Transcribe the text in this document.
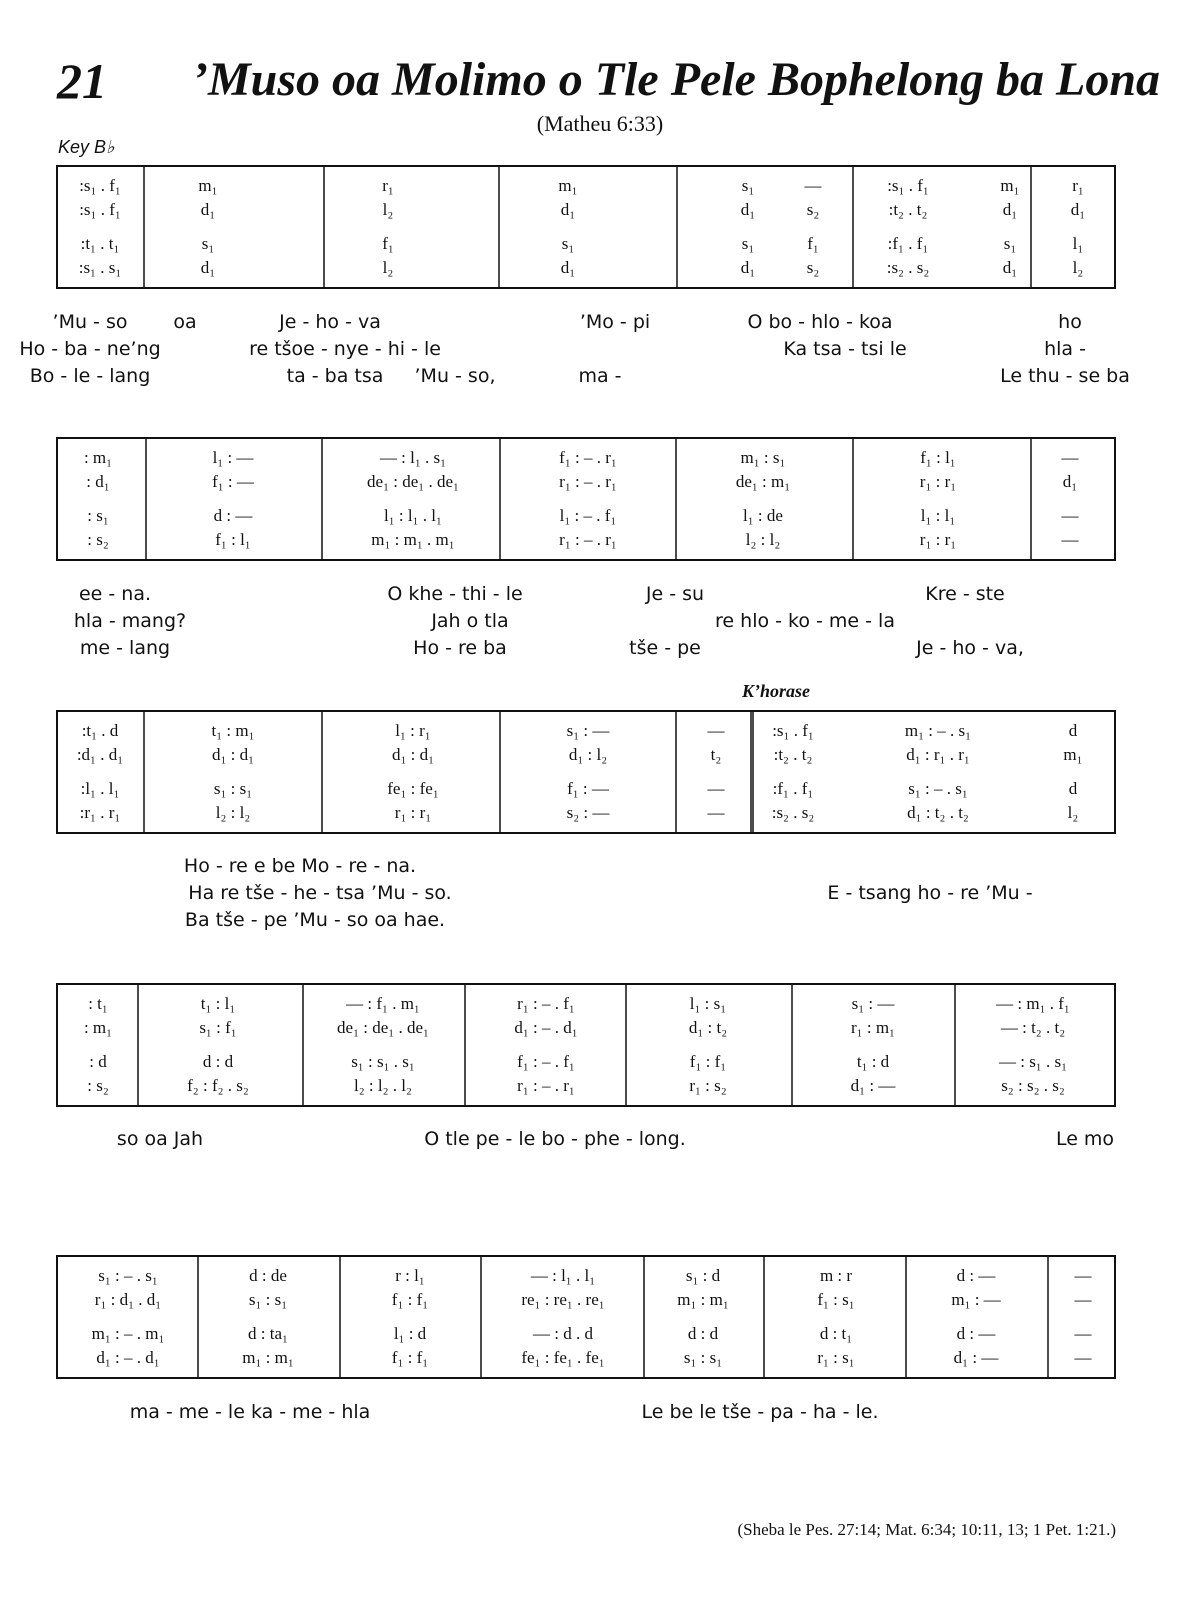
21 ’Muso oa Molimo o Tle Pele Bophelong ba Lona
(Matheu 6:33)
Key B♭
:s₁ . f₁	m₁	r₁	m₁	s₁	—	:s₁ . f₁	m₁	r₁
:s₁ . f₁	d₁	l₂	d₁	d₁	s₂	:t₂ . t₂	d₁	d₁
:t₁ . t₁	s₁	f₁	s₁	s₁	f₁	:f₁ . f₁	s₁	l₁
:s₁ . s₁	d₁	l₂	d₁	d₁	s₂	:s₂ . s₂	d₁	l₂
’Mu - so oa	Je - ho - va	’Mo - pi	O bo - hlo - koa	ho
Ho - ba - ne’ng	re tšoe - nye - hi - le	Ka tsa - tsi le	hla -
Bo - le - lang	ta - ba tsa ’Mu - so,	Le thu - se ba
ma -
: m₁	l₁ : —	— : l₁ . s₁	f₁ : – . r₁	m₁ : s₁	f₁ : l₁	—
: d₁	f₁ : —	de₁ : de₁ . de₁	r₁ : – . r₁	de₁ : m₁	r₁ : r₁	d₁
: s₁	d : —	l₁ : l₁ . l₁	l₁ : – . f₁	l₁ : de	l₁ : l₁	—
: s₂	f₁ : l₁	m₁ : m₁ . m₁	r₁ : – . r₁	l₂ : l₂	r₁ : r₁	—
ee - na.	O khe - thi - le	Je - su	Kre - ste
hla - mang?	Jah o tla	re hlo - ko - me - la
me - lang	Ho - re ba	tše - pe	Je - ho - va,
K’horase
:t₁ . d	t₁ : m₁	l₁ : r₁	s₁ : —	—	:s₁ . f₁	m₁ : – . s₁	d
:d₁ . d₁	d₁ : d₁	d₁ : d₁	d₁ : l₂	t₂	:t₂ . t₂	d₁ : r₁ . r₁	m₁
:l₁ . l₁	s₁ : s₁	fe₁ : fe₁	f₁ : —	—	:f₁ . f₁	s₁ : – . s₁	d
:r₁ . r₁	l₂ : l₂	r₁ : r₁	s₂ : —	—	:s₂ . s₂	d₁ : t₂ . t₂	l₂
Ho - re e be Mo - re - na.
Ha re tše - he - tsa ’Mu - so.	E - tsang ho - re ’Mu -
Ba tše - pe ’Mu - so oa hae.
: t₁	t₁ : l₁	— : f₁ . m₁	r₁ : – . f₁	l₁ : s₁	s₁ : —	— : m₁ . f₁
: m₁	s₁ : f₁	de₁ : de₁ . de₁	d₁ : – . d₁	d₁ : t₂	r₁ : m₁	— : t₂ . t₂
: d	d : d	s₁ : s₁ . s₁	f₁ : – . f₁	f₁ : f₁	t₁ : d	— : s₁ . s₁
: s₂	f₂ : f₂ . s₂	l₂ : l₂ . l₂	r₁ : – . r₁	r₁ : s₂	d₁ : —	s₂ : s₂ . s₂
so oa Jah	O tle pe - le bo - phe - long.	Le mo
s₁ : – . s₁	d : de	r : l₁	— : l₁ . l₁	s₁ : d	m : r	d : —	—
r₁ : d₁ . d₁	s₁ : s₁	f₁ : f₁	re₁ : re₁ . re₁	m₁ : m₁	f₁ : s₁	m₁ : —	—
m₁ : – . m₁	d : ta₁	l₁ : d	— : d . d	d : d	d : t₁	d : —	—
d₁ : – . d₁	m₁ : m₁	f₁ : f₁	fe₁ : fe₁ . fe₁	s₁ : s₁	r₁ : s₁	d₁ : —	—
ma - me - le ka - me - hla	Le be le tše - pa - ha - le.
(Sheba le Pes. 27:14; Mat. 6:34; 10:11, 13; 1 Pet. 1:21.)
